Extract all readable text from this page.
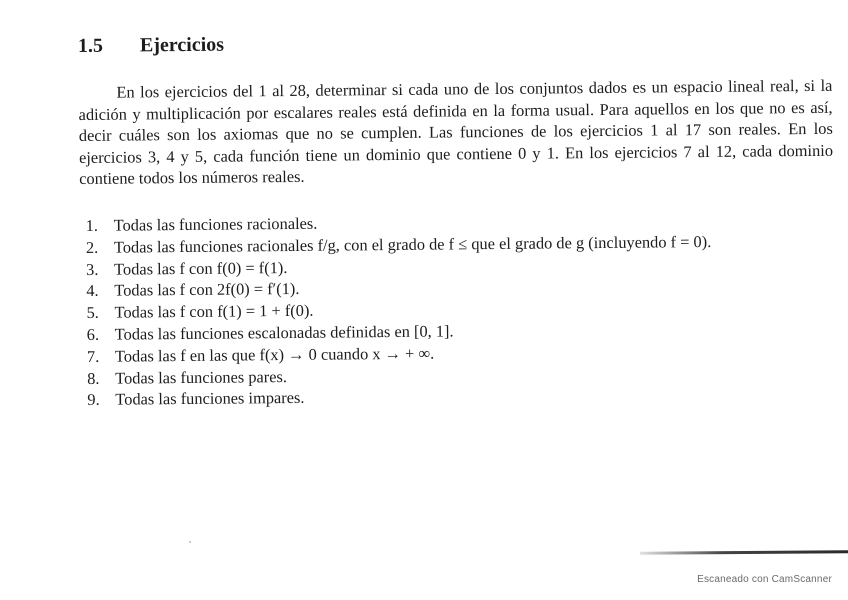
1.5 Ejercicios

En los ejercicios del 1 al 28, determinar si cada uno de los conjuntos dados es un espacio lineal real, si la adición y multiplicación por escalares reales está definida en la forma usual. Para aquellos en los que no es así, decir cuáles son los axiomas que no se cumplen. Las funciones de los ejercicios 1 al 17 son reales. En los ejercicios 3, 4 y 5, cada función tiene un dominio que contiene 0 y 1. En los ejercicios 7 al 12, cada dominio contiene todos los números reales.

1. Todas las funciones racionales.
2. Todas las funciones racionales f/g, con el grado de f ≤ que el grado de g (incluyendo f = 0).
3. Todas las f con f(0) = f(1).
4. Todas las f con 2f(0) = f′(1).
5. Todas las f con f(1) = 1 + f(0).
6. Todas las funciones escalonadas definidas en [0, 1].
7. Todas las f en las que f(x) → 0 cuando x → + ∞.
8. Todas las funciones pares.
9. Todas las funciones impares.
Escaneado con CamScanner
